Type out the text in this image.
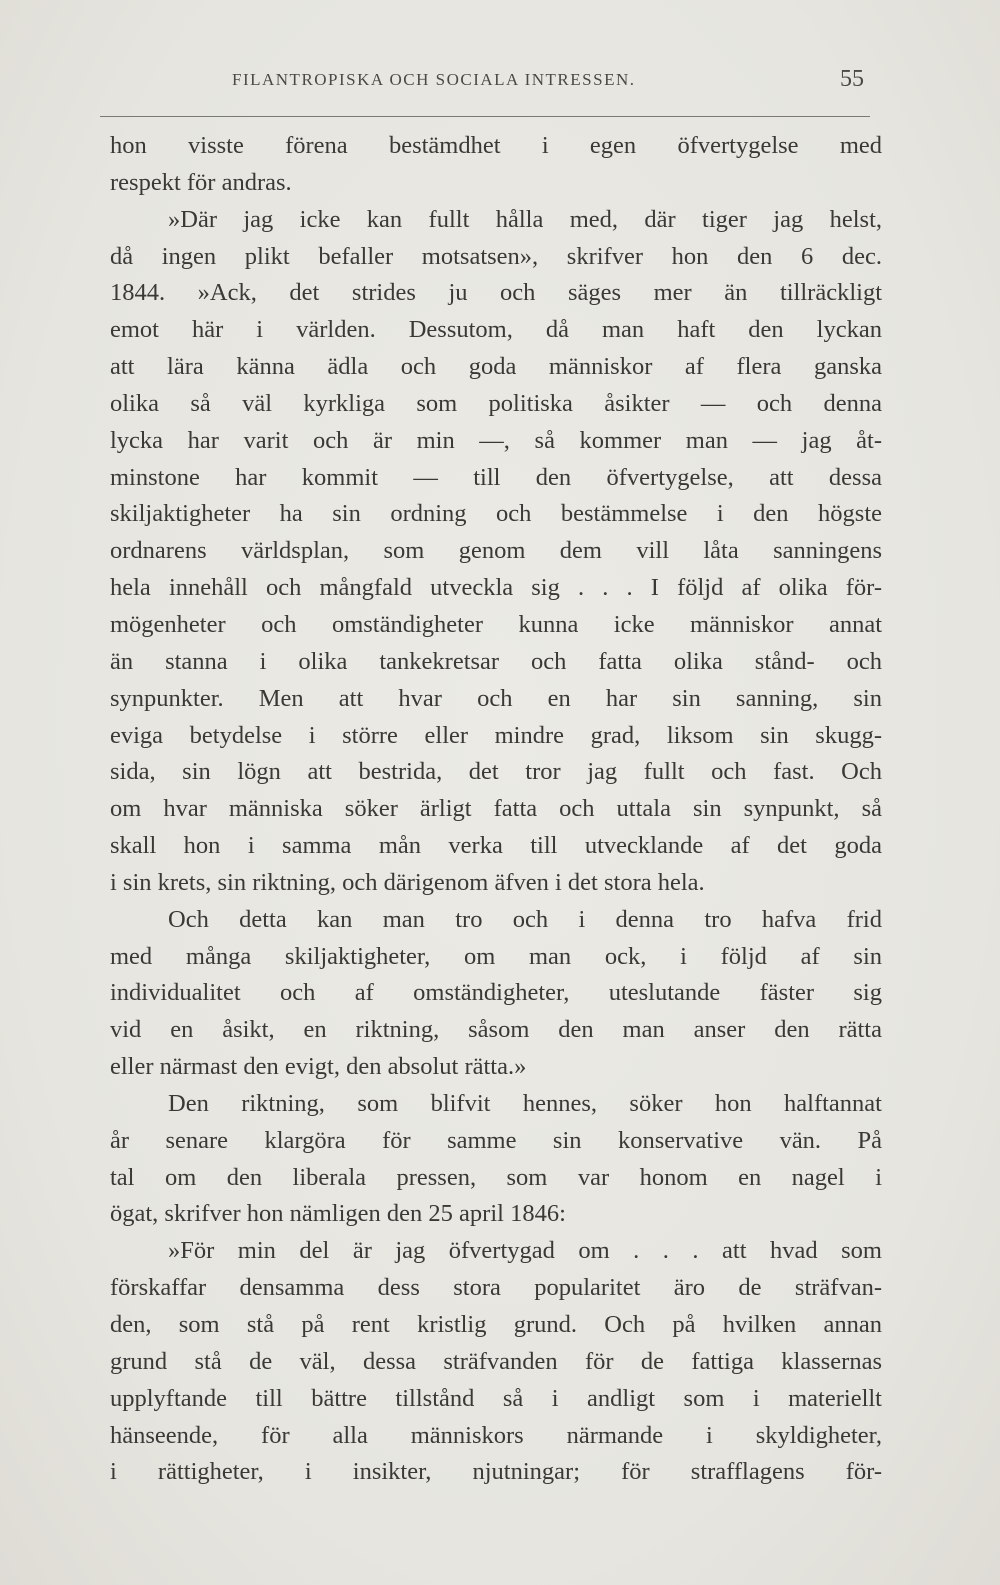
FILANTROPISKA OCH SOCIALA INTRESSEN.	55
hon visste förena bestämdhet i egen öfvertygelse med
respekt för andras.
»Där jag icke kan fullt hålla med, där tiger jag helst,
då ingen plikt befaller motsatsen», skrifver hon den 6 dec.
1844. »Ack, det strides ju och säges mer än tillräckligt
emot här i världen. Dessutom, då man haft den lyckan
att lära känna ädla och goda människor af flera ganska
olika så väl kyrkliga som politiska åsikter — och denna
lycka har varit och är min —, så kommer man — jag åt-
minstone har kommit — till den öfvertygelse, att dessa
skiljaktigheter ha sin ordning och bestämmelse i den högste
ordnarens världsplan, som genom dem vill låta sanningens
hela innehåll och mångfald utveckla sig . . . I följd af olika för-
mögenheter och omständigheter kunna icke människor annat
än stanna i olika tankekretsar och fatta olika stånd- och
synpunkter. Men att hvar och en har sin sanning, sin
eviga betydelse i större eller mindre grad, liksom sin skugg-
sida, sin lögn att bestrida, det tror jag fullt och fast. Och
om hvar människa söker ärligt fatta och uttala sin synpunkt, så
skall hon i samma mån verka till utvecklande af det goda
i sin krets, sin riktning, och därigenom äfven i det stora hela.
Och detta kan man tro och i denna tro hafva frid
med många skiljaktigheter, om man ock, i följd af sin
individualitet och af omständigheter, uteslutande fäster sig
vid en åsikt, en riktning, såsom den man anser den rätta
eller närmast den evigt, den absolut rätta.»
Den riktning, som blifvit hennes, söker hon halftannat
år senare klargöra för samme sin konservative vän. På
tal om den liberala pressen, som var honom en nagel i
ögat, skrifver hon nämligen den 25 april 1846:
»För min del är jag öfvertygad om . . . att hvad som
förskaffar densamma dess stora popularitet äro de sträfvan-
den, som stå på rent kristlig grund. Och på hvilken annan
grund stå de väl, dessa sträfvanden för de fattiga klassernas
upplyftande till bättre tillstånd så i andligt som i materiellt
hänseende, för alla människors närmande i skyldigheter,
i rättigheter, i insikter, njutningar; för strafflagens för-
